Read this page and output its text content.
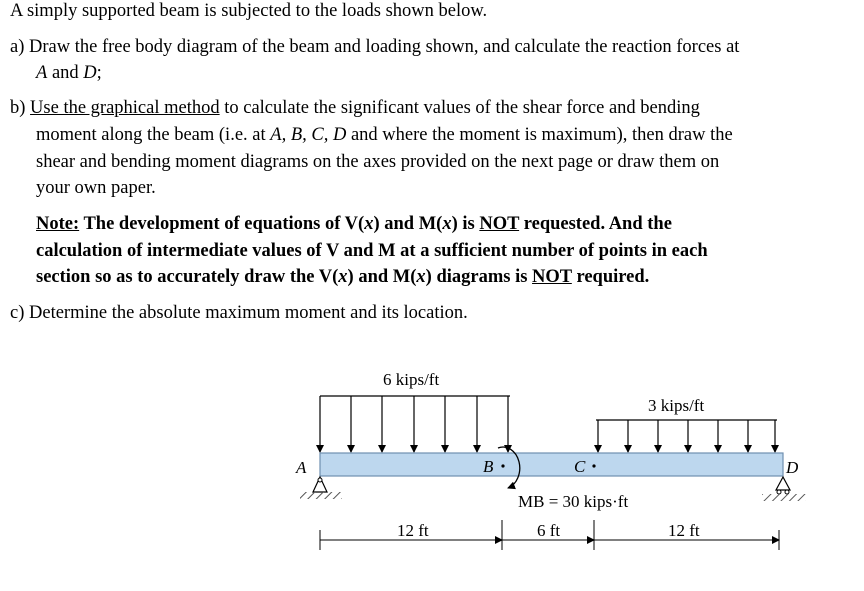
A simply supported beam is subjected to the loads shown below.
a) Draw the free body diagram of the beam and loading shown, and calculate the reaction forces at
A and D;
b) Use the graphical method to calculate the significant values of the shear force and bending
moment along the beam (i.e. at A, B, C, D and where the moment is maximum), then draw the
shear and bending moment diagrams on the axes provided on the next page or draw them on
your own paper.
Note: The development of equations of V(x) and M(x) is NOT requested. And the
calculation of intermediate values of V and M at a sufficient number of points in each
section so as to accurately draw the V(x) and M(x) diagrams is NOT required.
c) Determine the absolute maximum moment and its location.
6 kips/ft
3 kips/ft
A	B	C	D
MB = 30 kips·ft
12 ft	6 ft	12 ft
